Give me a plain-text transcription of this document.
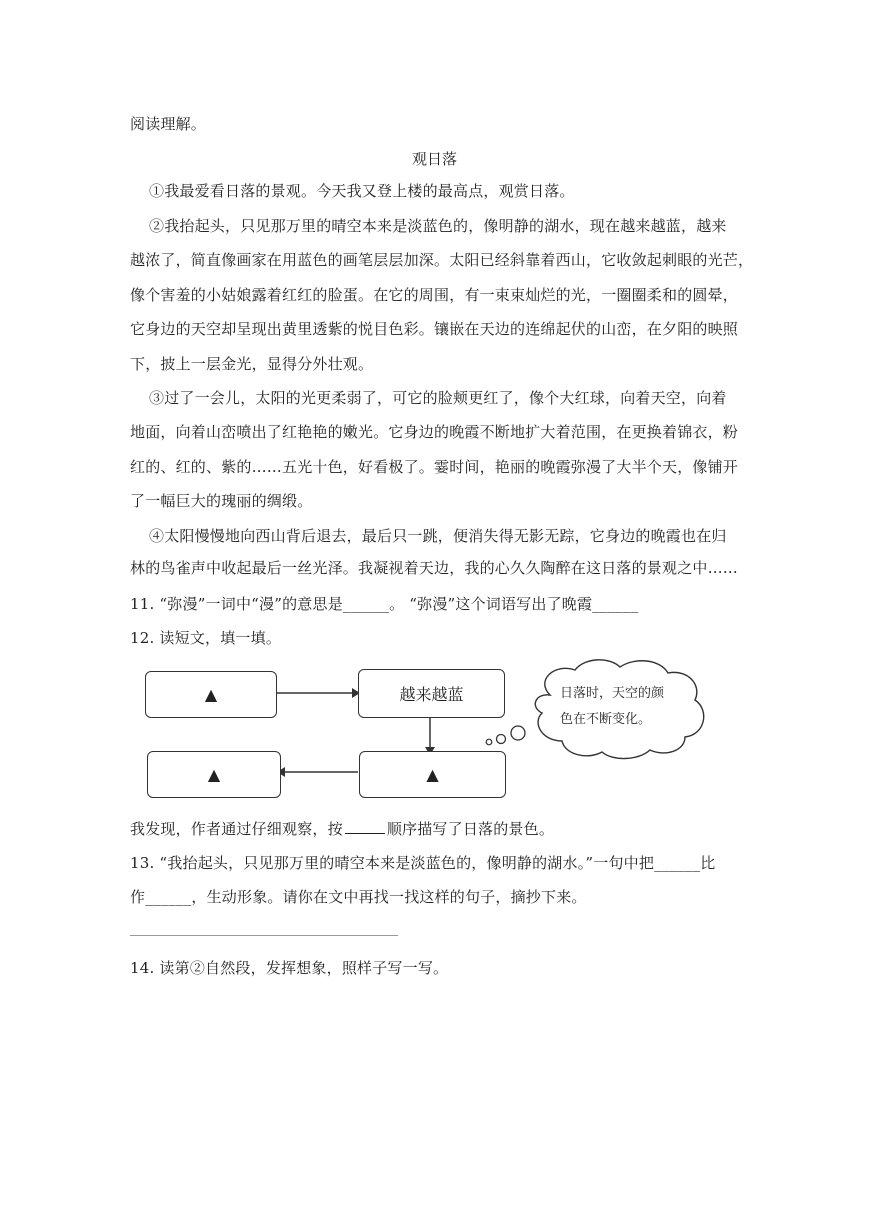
阅读理解。
观日落
①我最爱看日落的景观。今天我又登上楼的最高点，观赏日落。
②我抬起头，只见那万里的晴空本来是淡蓝色的，像明静的湖水，现在越来越蓝，越来
越浓了，简直像画家在用蓝色的画笔层层加深。太阳已经斜靠着西山，它收敛起刺眼的光芒，
像个害羞的小姑娘露着红红的脸蛋。在它的周围，有一束束灿烂的光，一圈圈柔和的圆晕，
它身边的天空却呈现出黄里透紫的悦目色彩。镶嵌在天边的连绵起伏的山峦，在夕阳的映照
下，披上一层金光，显得分外壮观。
③过了一会儿，太阳的光更柔弱了，可它的脸颊更红了，像个大红球，向着天空，向着
地面，向着山峦喷出了红艳艳的嫩光。它身边的晚霞不断地扩大着范围，在更换着锦衣，粉
红的、红的、紫的……五光十色，好看极了。霎时间，艳丽的晚霞弥漫了大半个天，像铺开
了一幅巨大的瑰丽的绸缎。
④太阳慢慢地向西山背后退去，最后只一跳，便消失得无影无踪，它身边的晚霞也在归
林的鸟雀声中收起最后一丝光泽。我凝视着天边，我的心久久陶醉在这日落的景观之中……
11. “弥漫”一词中“漫”的意思是______。 “弥漫”这个词语写出了晚霞______
12. 读短文，填一填。
▲	越来越蓝
▲
▲
日落时，天空的颜
色在不断变化。
我发现，作者通过仔细观察，按	顺序描写了日落的景色。
13. “我抬起头，只见那万里的晴空本来是淡蓝色的，像明静的湖水。”一句中把______比
作______，生动形象。请你在文中再找一找这样的句子，摘抄下来。
14. 读第②自然段，发挥想象，照样子写一写。
